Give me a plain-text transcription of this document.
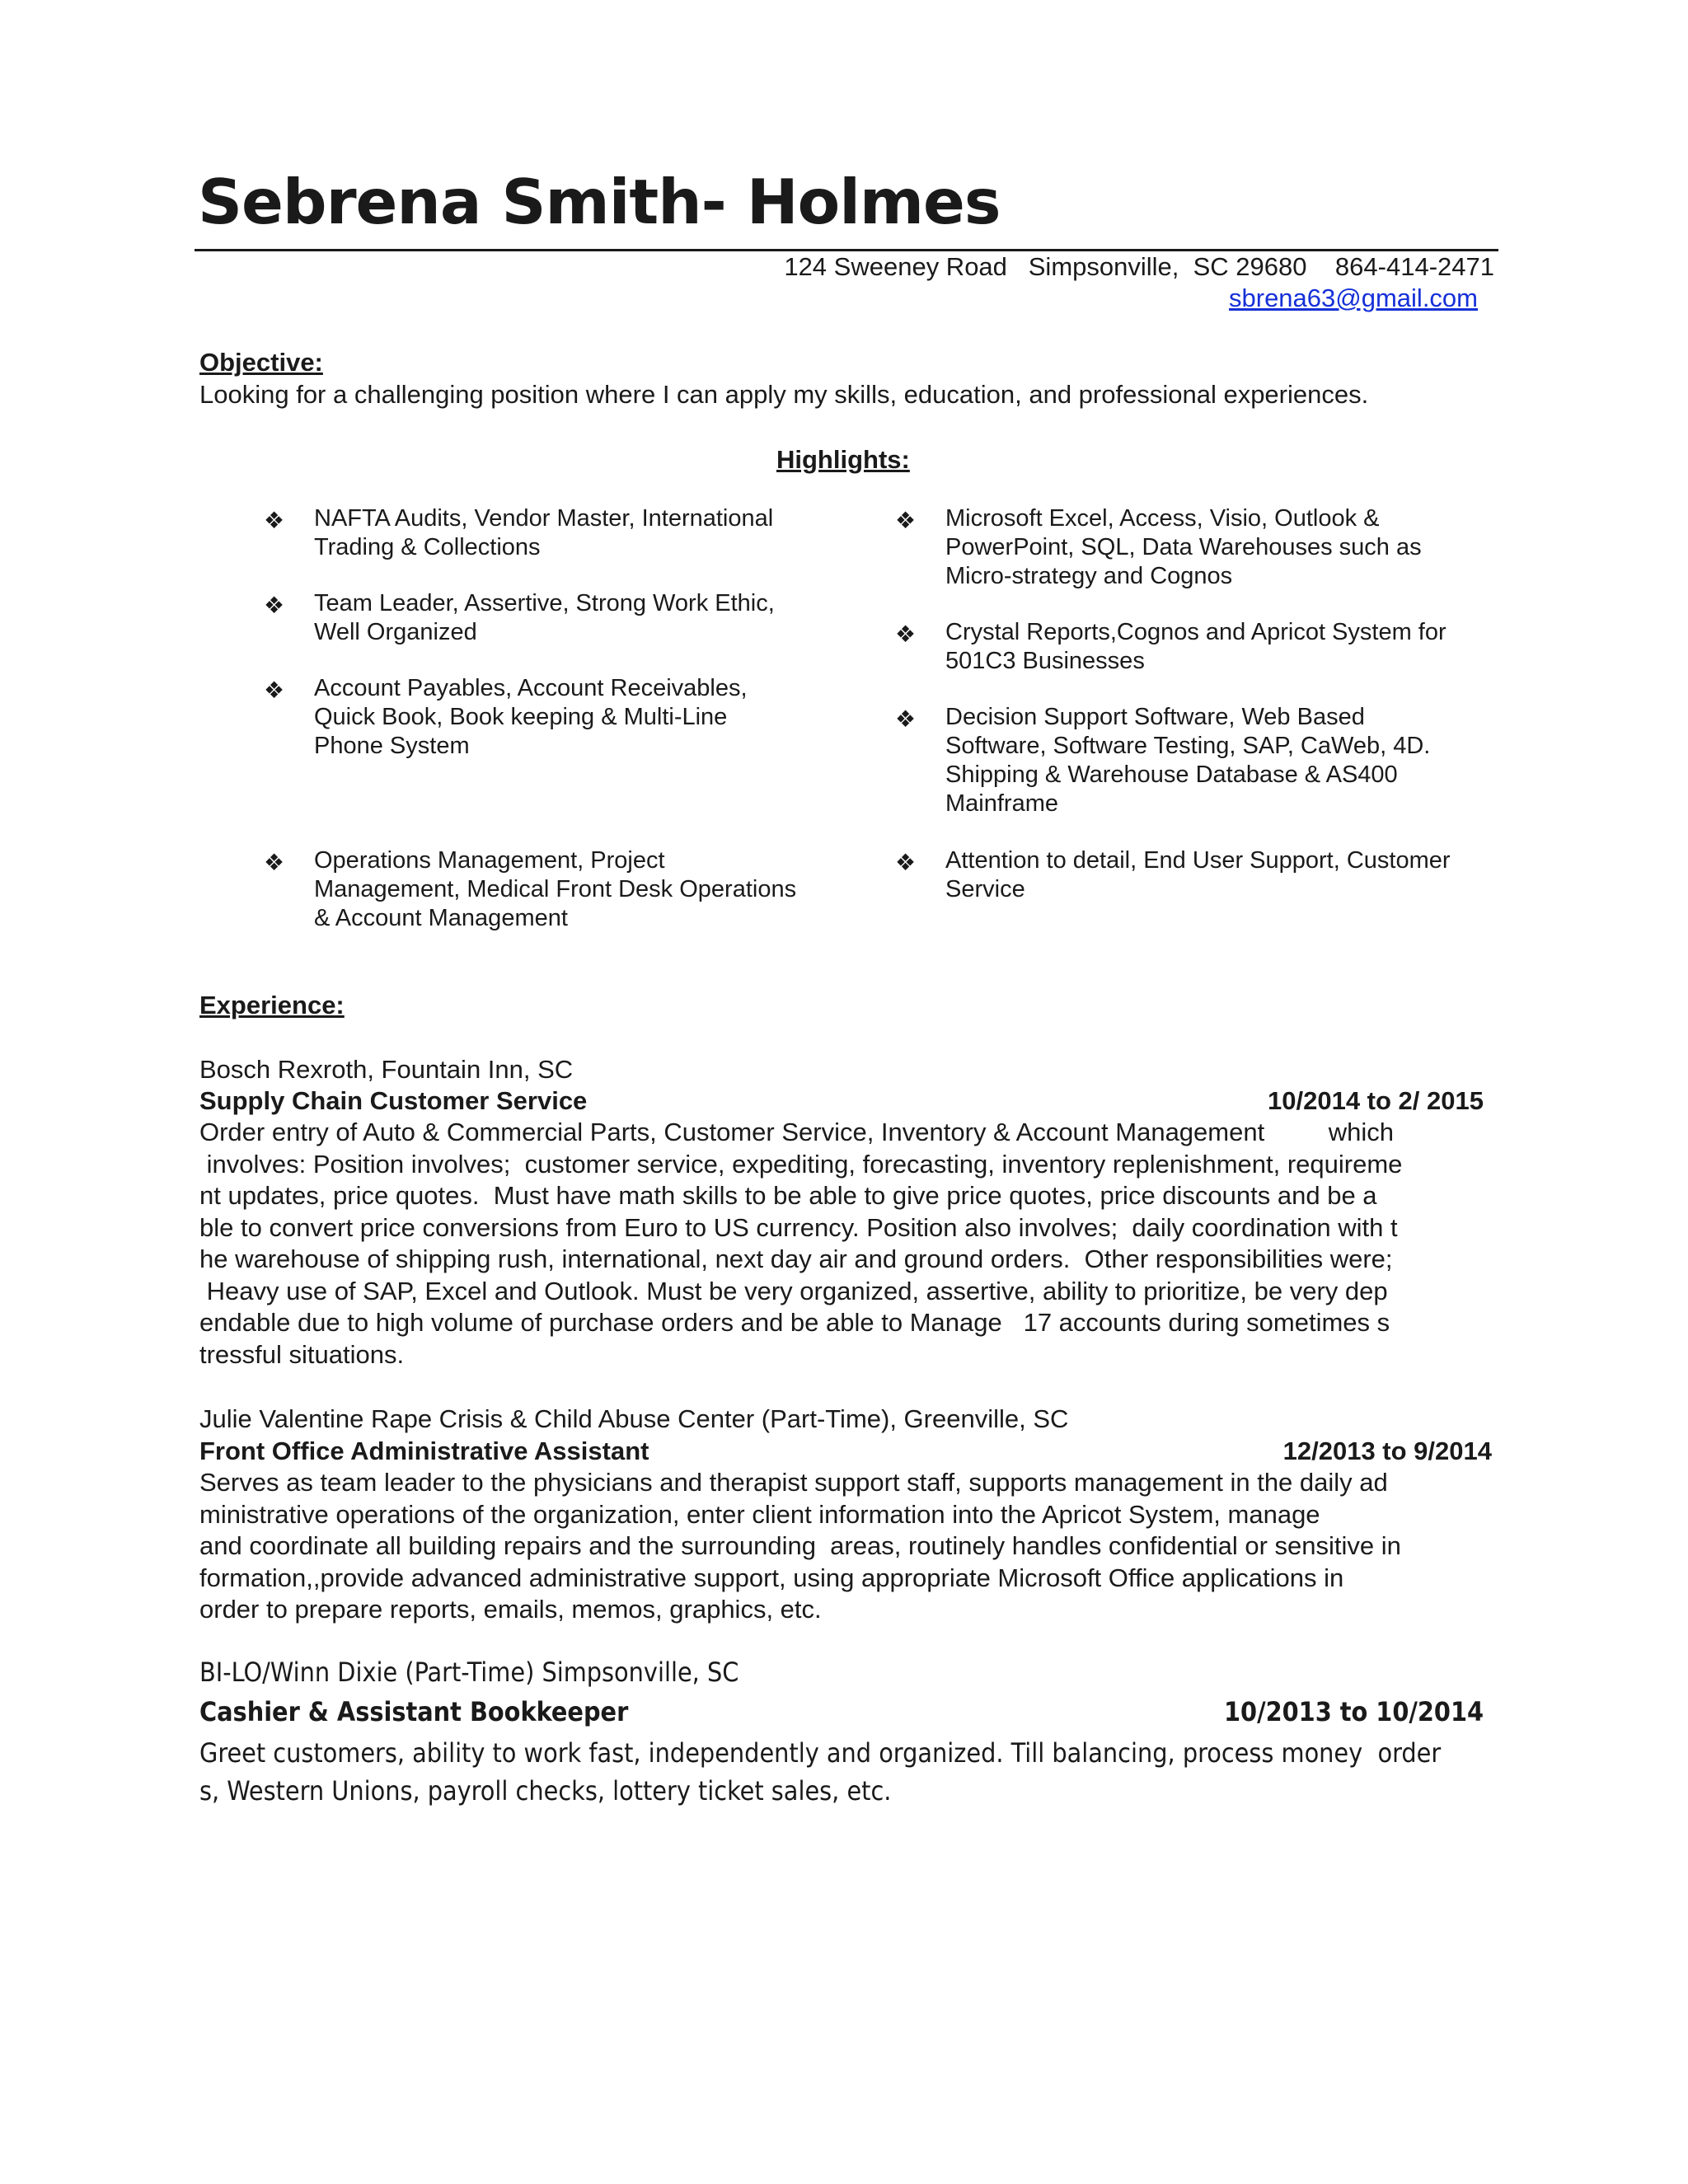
Sebrena Smith- Holmes
124 Sweeney Road   Simpsonville,  SC 29680    864-414-2471
sbrena63@gmail.com
Objective:
Looking for a challenging position where I can apply my skills, education, and professional experiences.
Highlights:
❖ NAFTA Audits, Vendor Master, International
Trading & Collections
❖ Team Leader, Assertive, Strong Work Ethic,
Well Organized
❖ Account Payables, Account Receivables,
Quick Book, Book keeping & Multi-Line
Phone System
❖ Operations Management, Project
Management, Medical Front Desk Operations
& Account Management
❖ Microsoft Excel, Access, Visio, Outlook &
PowerPoint, SQL, Data Warehouses such as
Micro-strategy and Cognos
❖ Crystal Reports,Cognos and Apricot System for
501C3 Businesses
❖ Decision Support Software, Web Based
Software, Software Testing, SAP, CaWeb, 4D.
Shipping & Warehouse Database & AS400
Mainframe
❖ Attention to detail, End User Support, Customer
Service
Experience:
Bosch Rexroth, Fountain Inn, SC
Supply Chain Customer Service	10/2014 to 2/ 2015
Order entry of Auto & Commercial Parts, Customer Service, Inventory & Account Management         which
involves: Position involves;  customer service, expediting, forecasting, inventory replenishment, requireme
nt updates, price quotes.  Must have math skills to be able to give price quotes, price discounts and be a
ble to convert price conversions from Euro to US currency. Position also involves;  daily coordination with t
he warehouse of shipping rush, international, next day air and ground orders.  Other responsibilities were;
Heavy use of SAP, Excel and Outlook. Must be very organized, assertive, ability to prioritize, be very dep
endable due to high volume of purchase orders and be able to Manage   17 accounts during sometimes s
tressful situations.
Julie Valentine Rape Crisis & Child Abuse Center (Part-Time), Greenville, SC
Front Office Administrative Assistant	12/2013 to 9/2014
Serves as team leader to the physicians and therapist support staff, supports management in the daily ad
ministrative operations of the organization, enter client information into the Apricot System, manage
and coordinate all building repairs and the surrounding  areas, routinely handles confidential or sensitive in
formation,,provide advanced administrative support, using appropriate Microsoft Office applications in
order to prepare reports, emails, memos, graphics, etc.
BI-LO/Winn Dixie (Part-Time) Simpsonville, SC
Cashier & Assistant Bookkeeper	10/2013 to 10/2014
Greet customers, ability to work fast, independently and organized. Till balancing, process money  order
s, Western Unions, payroll checks, lottery ticket sales, etc.
